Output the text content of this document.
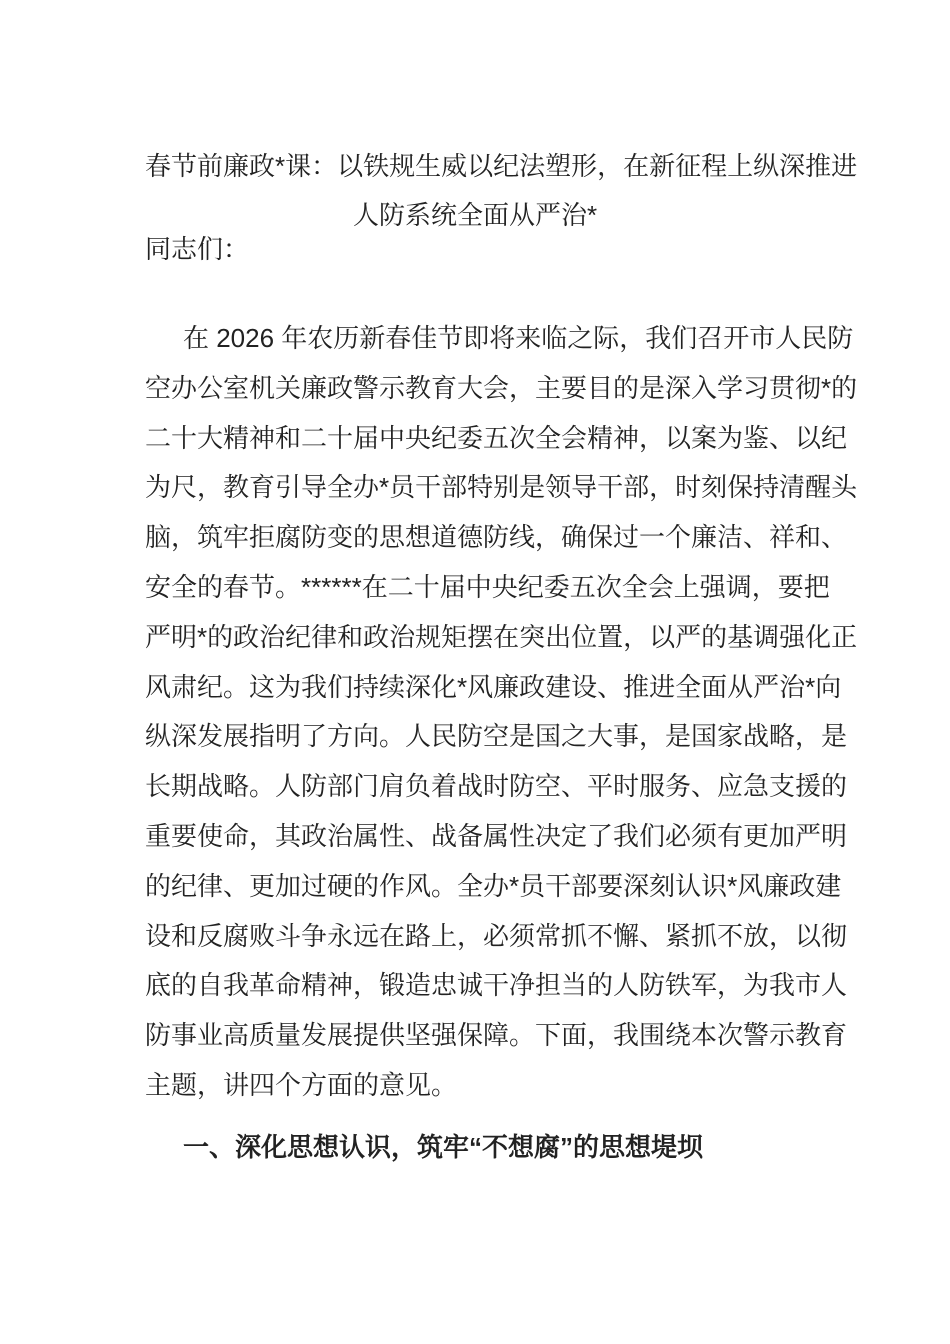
春节前廉政*课：以铁规生威以纪法塑形，在新征程上纵深推进
人防系统全面从严治*
同志们：
在 2026 年农历新春佳节即将来临之际，我们召开市人民防
空办公室机关廉政警示教育大会，主要目的是深入学习贯彻*的
二十大精神和二十届中央纪委五次全会精神，以案为鉴、以纪
为尺，教育引导全办*员干部特别是领导干部，时刻保持清醒头
脑，筑牢拒腐防变的思想道德防线，确保过一个廉洁、祥和、
安全的春节。******在二十届中央纪委五次全会上强调，要把
严明*的政治纪律和政治规矩摆在突出位置，以严的基调强化正
风肃纪。这为我们持续深化*风廉政建设、推进全面从严治*向
纵深发展指明了方向。人民防空是国之大事，是国家战略，是
长期战略。人防部门肩负着战时防空、平时服务、应急支援的
重要使命，其政治属性、战备属性决定了我们必须有更加严明
的纪律、更加过硬的作风。全办*员干部要深刻认识*风廉政建
设和反腐败斗争永远在路上，必须常抓不懈、紧抓不放，以彻
底的自我革命精神，锻造忠诚干净担当的人防铁军，为我市人
防事业高质量发展提供坚强保障。下面，我围绕本次警示教育
主题，讲四个方面的意见。
一、深化思想认识，筑牢“不想腐”的思想堤坝
